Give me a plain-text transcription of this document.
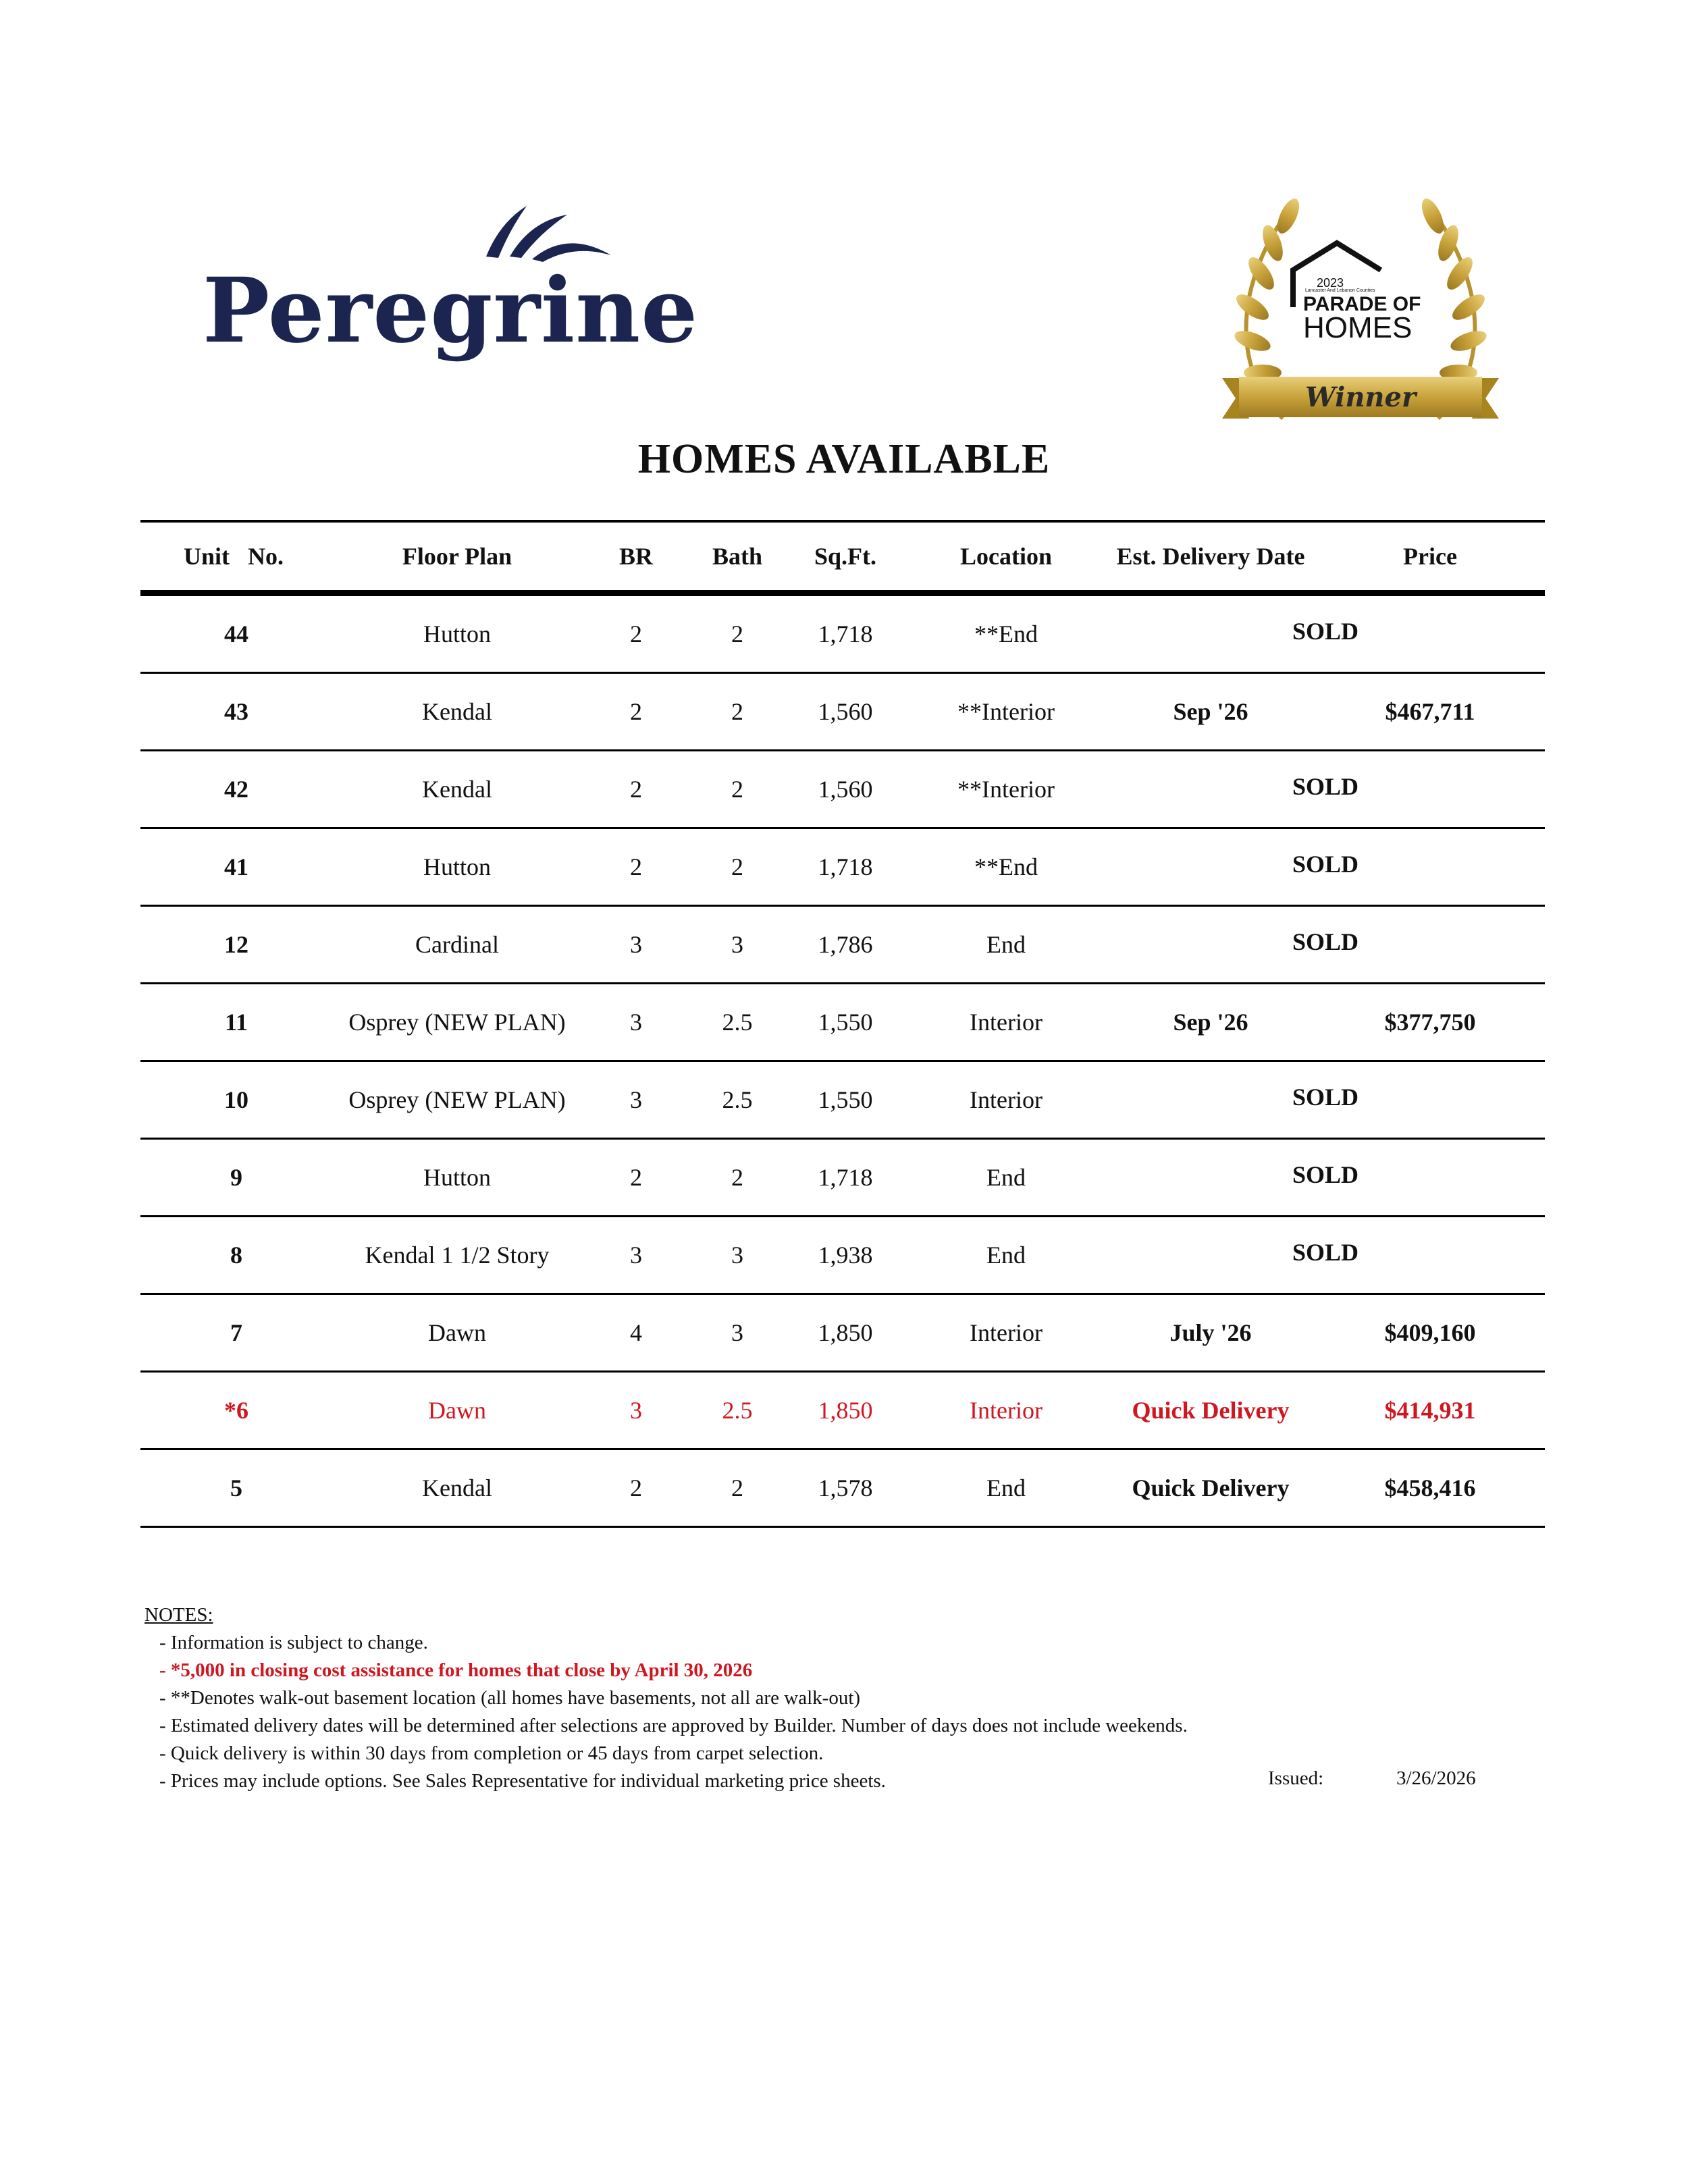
Peregrine	2023
Lancaster And Lebanon Counties
PARADE OF
HOMES
Winner
HOMES AVAILABLE
Unit   No.	Floor Plan	BR	Bath	Sq.Ft.	Location	Est. Delivery Date	Price
44	Hutton	2	2	1,718	**End	SOLD
43	Kendal	2	2	1,560	**Interior	Sep '26	$467,711
42	Kendal	2	2	1,560	**Interior	SOLD
41	Hutton	2	2	1,718	**End	SOLD
12	Cardinal	3	3	1,786	End	SOLD
11	Osprey (NEW PLAN)	3	2.5	1,550	Interior	Sep '26	$377,750
10	Osprey (NEW PLAN)	3	2.5	1,550	Interior	SOLD
9	Hutton	2	2	1,718	End	SOLD
8	Kendal 1 1/2 Story	3	3	1,938	End	SOLD
7	Dawn	4	3	1,850	Interior	July '26	$409,160
*6	Dawn	3	2.5	1,850	Interior	Quick Delivery	$414,931
5	Kendal	2	2	1,578	End	Quick Delivery	$458,416
NOTES:
- Information is subject to change.
- *5,000 in closing cost assistance for homes that close by April 30, 2026
- **Denotes walk-out basement location (all homes have basements, not all are walk-out)
- Estimated delivery dates will be determined after selections are approved by Builder. Number of days does not include weekends.
- Quick delivery is within 30 days from completion or 45 days from carpet selection.
- Prices may include options. See Sales Representative for individual marketing price sheets.	Issued:	3/26/2026
